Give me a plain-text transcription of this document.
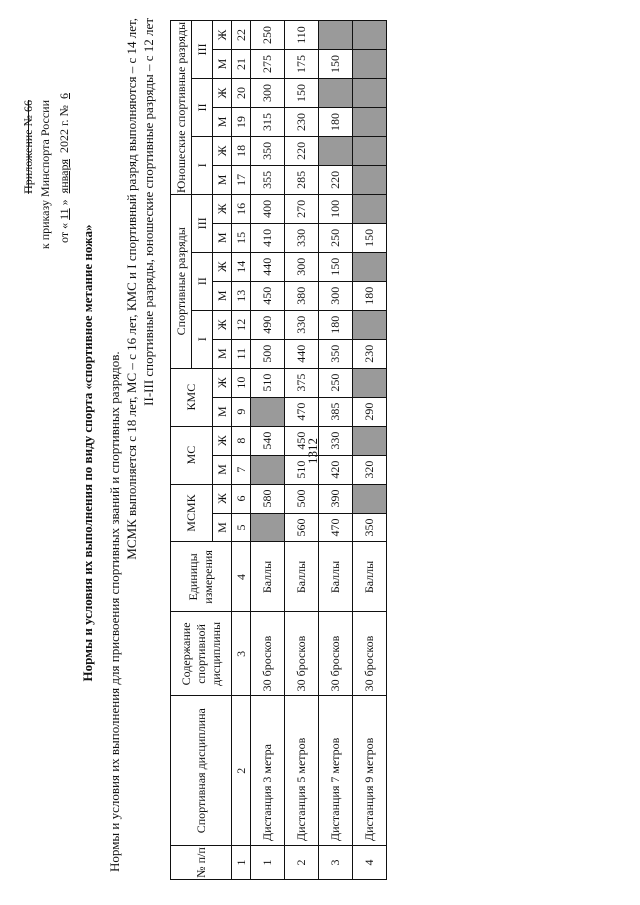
1312
Приложение № 66 к приказу Минспорта России от «11» января 2022 г. № 6
Нормы и условия их выполнения по виду спорта «спортивное метание ножа» Нормы и условия их выполнения для присвоения спортивных званий и спортивных разрядов.

МСМК выполняется с 18 лет, МС – с 16 лет, КМС и I спортивный разряд выполняются – с 14 лет, II-III спортивные разряды, юношеские спортивные разряды – с 12 лет

№ п/п	Спортивная дисциплина	Содержание спортивной дисциплины	Единицы измерения	МСМК		МС		КМС		Спортивные разряды						Юношеские спортивные разряды					
										I		II		III		I		II		III	
				М	Ж	М	Ж	М	Ж	М	Ж	М	Ж	М	Ж	М	Ж	М	Ж	М	Ж
1	2	3	4	5	6	7	8	9	10	11	12	13	14	15	16	17	18	19	20	21	22
1	Дистанция 3 метра	30 бросков	Баллы		580		540		510	500	490	450	440	410	400	355	350	315	300	275	250
2	Дистанция 5 метров	30 бросков	Баллы	560	500	510	450	470	375	440	330	380	300	330	270	285	220	230	150	175	110
3	Дистанция 7 метров	30 бросков	Баллы	470	390	420	330	385	250	350	180	300	150	250	100	220		180		150	
4	Дистанция 9 метров	30 бросков	Баллы	350		320		290		230		180		150							
